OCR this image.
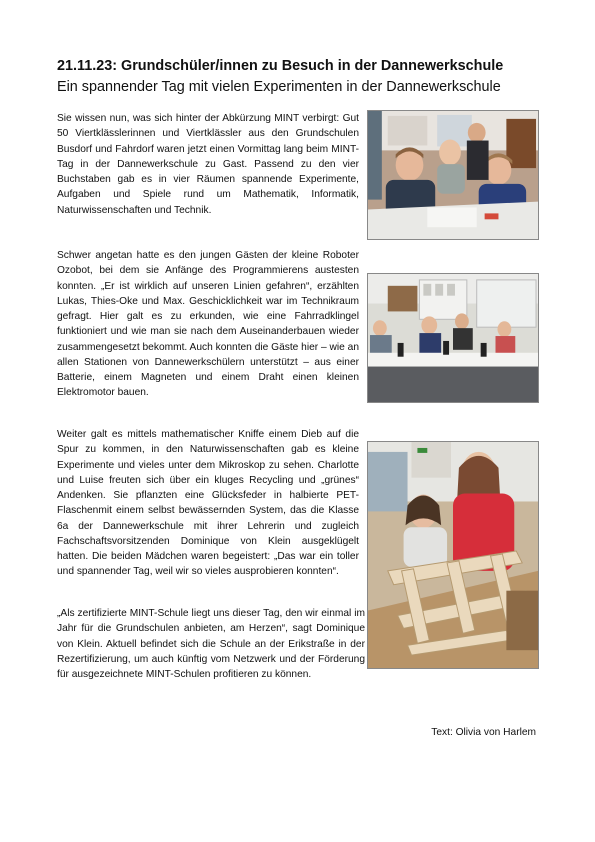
21.11.23: Grundschüler/innen zu Besuch in der Dannewerkschule
Ein spannender Tag mit vielen Experimenten in der Dannewerkschule

Sie wissen nun, was sich hinter der Abkürzung MINT verbirgt: Gut 50 Viertklässlerinnen und Viertklässler aus den Grundschulen Busdorf und Fahrdorf waren jetzt einen Vormittag lang beim MINT-Tag in der Dannewerkschule zu Gast. Passend zu den vier Buchstaben gab es in vier Räumen spannende Experimente, Aufgaben und Spiele rund um Mathematik, Informatik, Naturwissenschaften und Technik.

Schwer angetan hatte es den jungen Gästen der kleine Roboter Ozobot, bei dem sie Anfänge des Programmierens austesten konnten. „Er ist wirklich auf unseren Linien gefahren“, erzählten Lukas, Thies-Oke und Max. Geschicklichkeit war im Technikraum gefragt. Hier galt es zu erkunden, wie eine Fahrradklingel funktioniert und wie man sie nach dem Auseinanderbauen wieder zusammengesetzt bekommt. Auch konnten die Gäste hier – wie an allen Stationen von Dannewerkschülern unterstützt – aus einer Batterie, einem Magneten und einem Draht einen kleinen Elektromotor bauen.

Weiter galt es mittels mathematischer Kniffe einem Dieb auf die Spur zu kommen, in den Naturwissenschaften gab es kleine Experimente und vieles unter dem Mikroskop zu sehen. Charlotte und Luise freuten sich über ein kluges Recycling und „grünes“ Andenken. Sie pflanzten eine Glücksfeder in halbierte PET-Flaschenmit einem selbst bewässernden System, das die Klasse 6a der Dannewerkschule mit ihrer Lehrerin und zugleich Fachschaftsvorsitzenden Dominique von Klein ausgeklügelt hatten. Die beiden Mädchen waren begeistert: „Das war ein toller und spannender Tag, weil wir so vieles ausprobieren konnten“.

„Als zertifizierte MINT-Schule liegt uns dieser Tag, den wir einmal im Jahr für die Grundschulen anbieten, am Herzen“, sagt Dominique von Klein. Aktuell befindet sich die Schule an der Erikstraße in der Rezertifizierung, um auch künftig vom Netzwerk und der Förderung für ausgezeichnete MINT-Schulen profitieren zu können.

Text: Olivia von Harlem
